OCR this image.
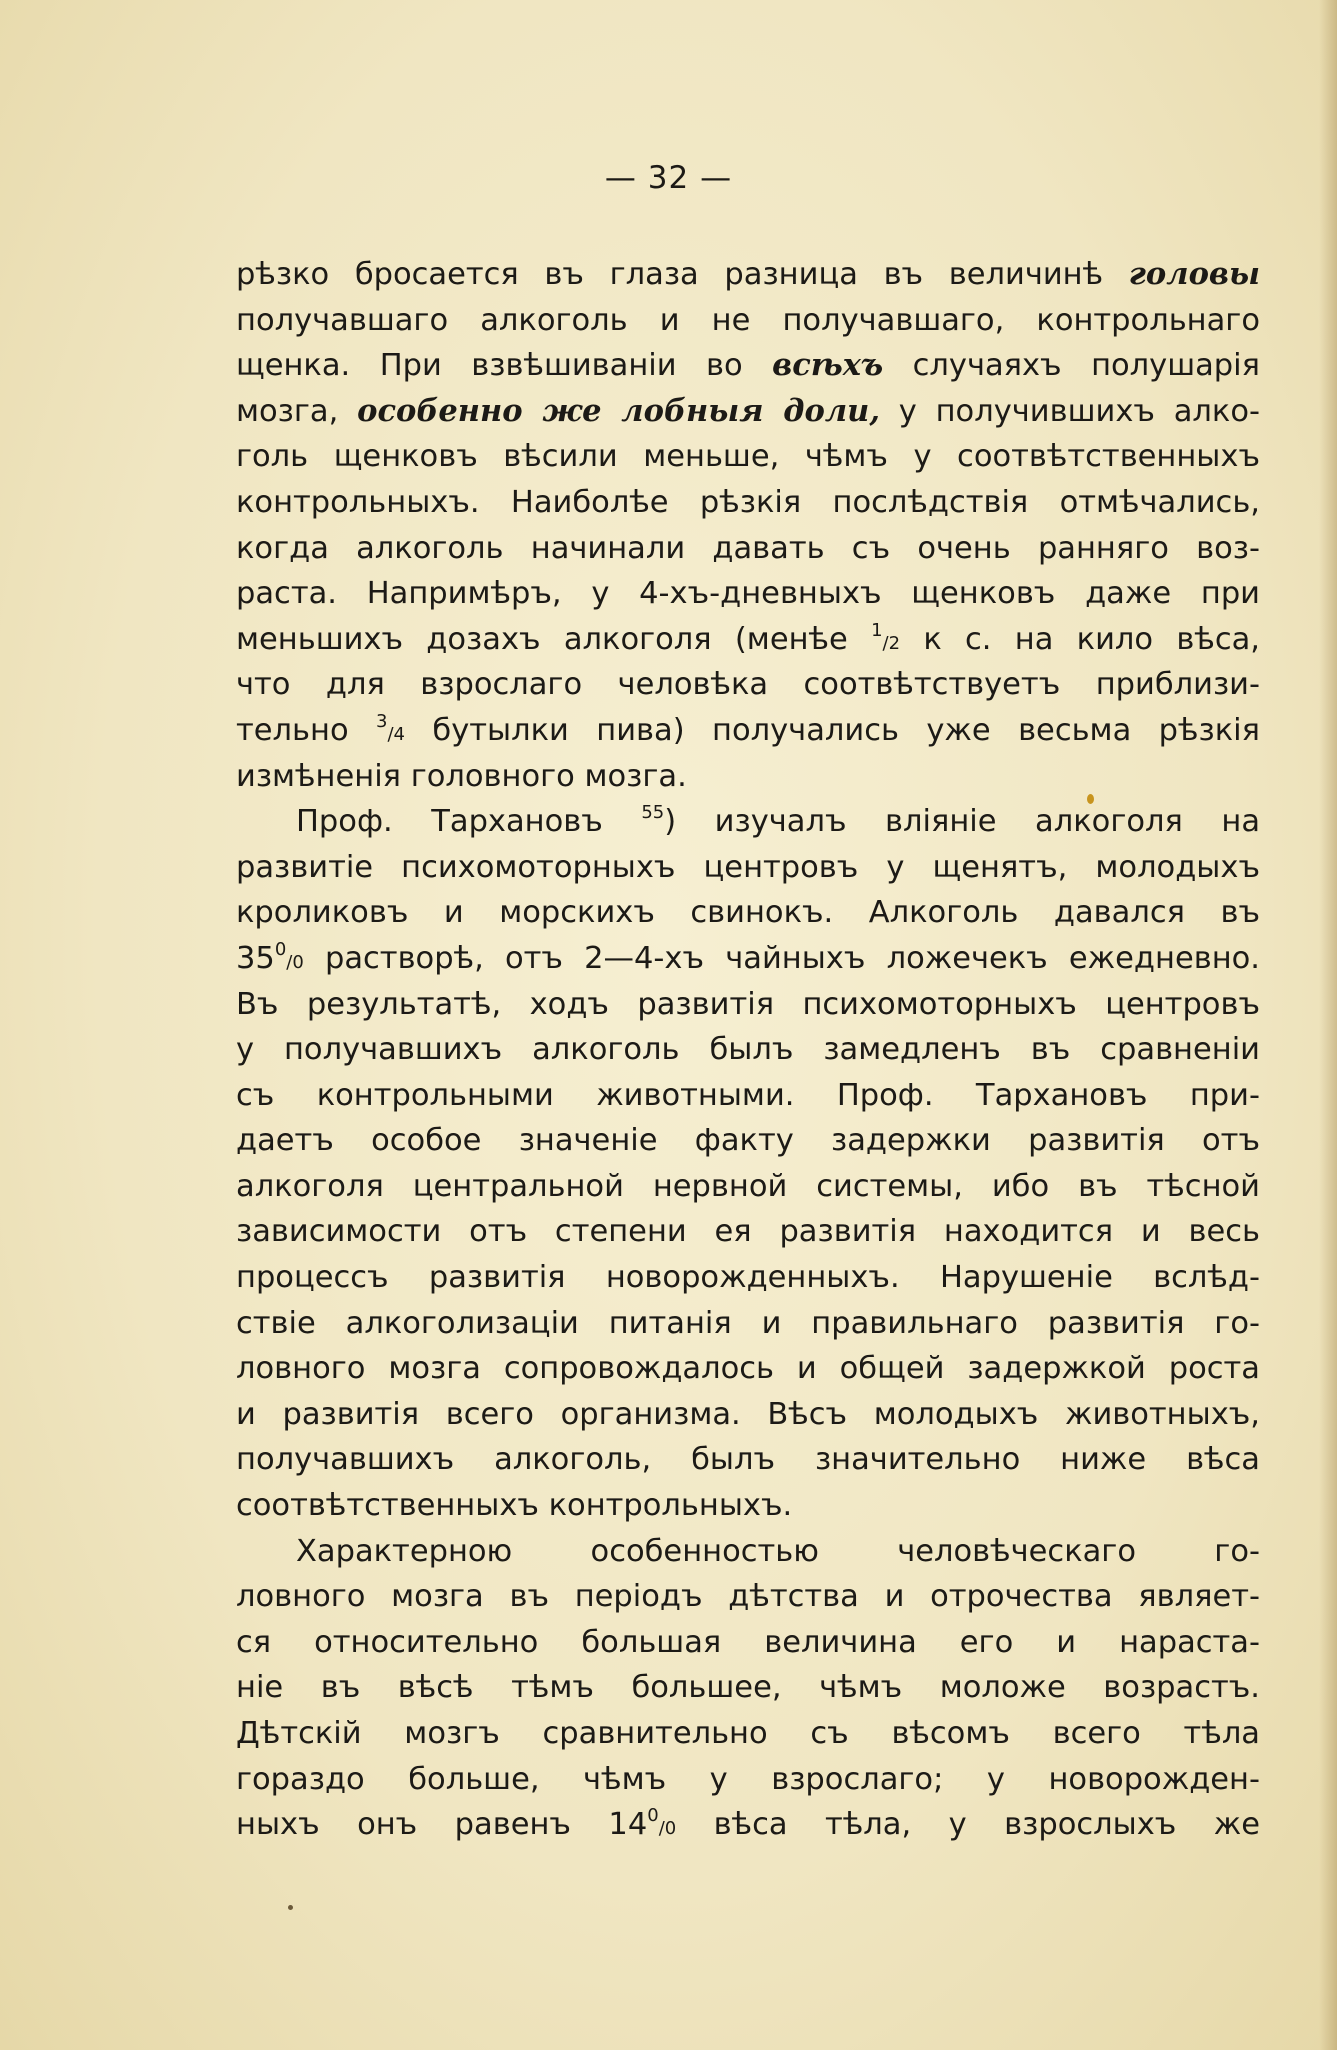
— 32 —
рѣзко бросается въ глаза разница въ величинѣ головы
получавшаго алкоголь и не получавшаго, контрольнаго
щенка. При взвѣшиваніи во всѣхъ случаяхъ полушарія
мозга, особенно же лобныя доли, у получившихъ алко-
голь щенковъ вѣсили меньше, чѣмъ у соотвѣтственныхъ
контрольныхъ. Наиболѣе рѣзкія послѣдствія отмѣчались,
когда алкоголь начинали давать съ очень ранняго воз-
раста. Напримѣръ, у 4-хъ-дневныхъ щенковъ даже при
меньшихъ дозахъ алкоголя (менѣе $^1$/2 к с. на кило вѣса,
что для взрослаго человѣка соотвѣтствуетъ приблизи-
тельно $^3$/4 бутылки пива) получались уже весьма рѣзкія
измѣненія головного мозга.
Проф. Тархановъ $^{55}$) изучалъ вліяніе алкоголя на
развитіе психомоторныхъ центровъ у щенятъ, молодыхъ
кроликовъ и морскихъ свинокъ. Алкоголь давался въ
$35^0/0$ растворѣ, отъ 2—4-хъ чайныхъ ложечекъ ежедневно.
Въ результатѣ, ходъ развитія психомоторныхъ центровъ
у получавшихъ алкоголь былъ замедленъ въ сравненіи
съ контрольными животными. Проф. Тархановъ при-
даетъ особое значеніе факту задержки развитія отъ
алкоголя центральной нервной системы, ибо въ тѣсной
зависимости отъ степени ея развитія находится и весь
процессъ развитія новорожденныхъ. Нарушеніе вслѣд-
ствіе алкоголизаціи питанія и правильнаго развитія го-
ловного мозга сопровождалось и общей задержкой роста
и развитія всего организма. Вѣсъ молодыхъ животныхъ,
получавшихъ алкоголь, былъ значительно ниже вѣса
соотвѣтственныхъ контрольныхъ.
Характерною особенностью человѣческаго го-
ловного мозга въ періодъ дѣтства и отрочества являет-
ся относительно большая величина его и нараста-
ніе въ вѣсѣ тѣмъ большее, чѣмъ моложе возрастъ.
Дѣтскій мозгъ сравнительно съ вѣсомъ всего тѣла
гораздо больше, чѣмъ у взрослаго; у новорожден-
ныхъ онъ равенъ $14^0/0$ вѣса тѣла, у взрослыхъ же
